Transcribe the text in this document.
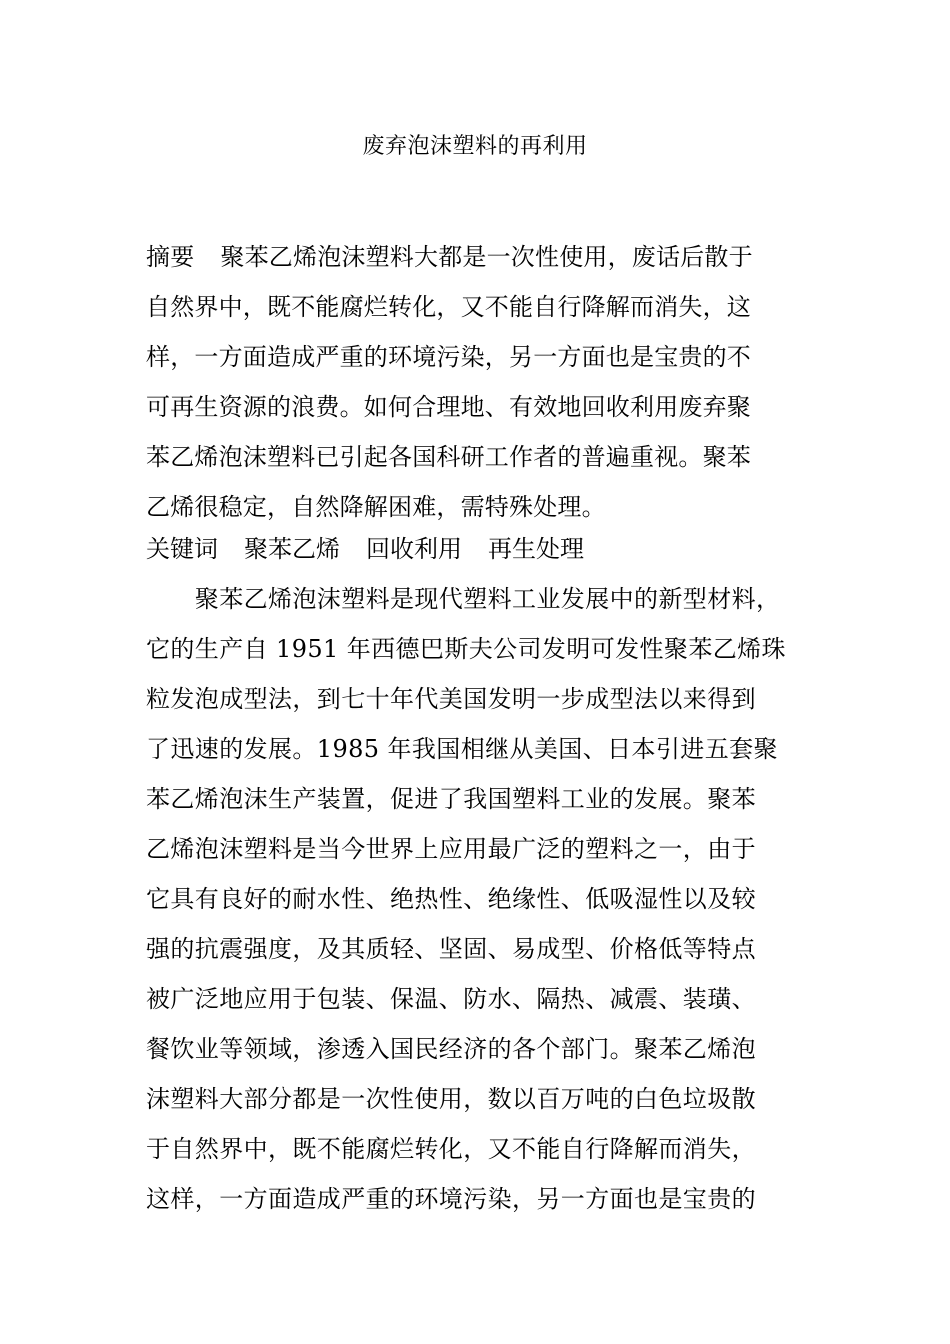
废弃泡沫塑料的再利用
摘要 聚苯乙烯泡沫塑料大都是一次性使用，废话后散于
自然界中，既不能腐烂转化，又不能自行降解而消失，这
样，一方面造成严重的环境污染，另一方面也是宝贵的不
可再生资源的浪费。如何合理地、有效地回收利用废弃聚
苯乙烯泡沫塑料已引起各国科研工作者的普遍重视。聚苯
乙烯很稳定，自然降解困难，需特殊处理。
关键词 聚苯乙烯 回收利用 再生处理
　　聚苯乙烯泡沫塑料是现代塑料工业发展中的新型材料，
它的生产自 1951 年西德巴斯夫公司发明可发性聚苯乙烯珠
粒发泡成型法，到七十年代美国发明一步成型法以来得到
了迅速的发展。1985 年我国相继从美国、日本引进五套聚
苯乙烯泡沫生产装置，促进了我国塑料工业的发展。聚苯
乙烯泡沫塑料是当今世界上应用最广泛的塑料之一，由于
它具有良好的耐水性、绝热性、绝缘性、低吸湿性以及较
强的抗震强度，及其质轻、坚固、易成型、价格低等特点
被广泛地应用于包装、保温、防水、隔热、减震、装璜、
餐饮业等领域，渗透入国民经济的各个部门。聚苯乙烯泡
沫塑料大部分都是一次性使用，数以百万吨的白色垃圾散
于自然界中，既不能腐烂转化，又不能自行降解而消失，
这样，一方面造成严重的环境污染，另一方面也是宝贵的
